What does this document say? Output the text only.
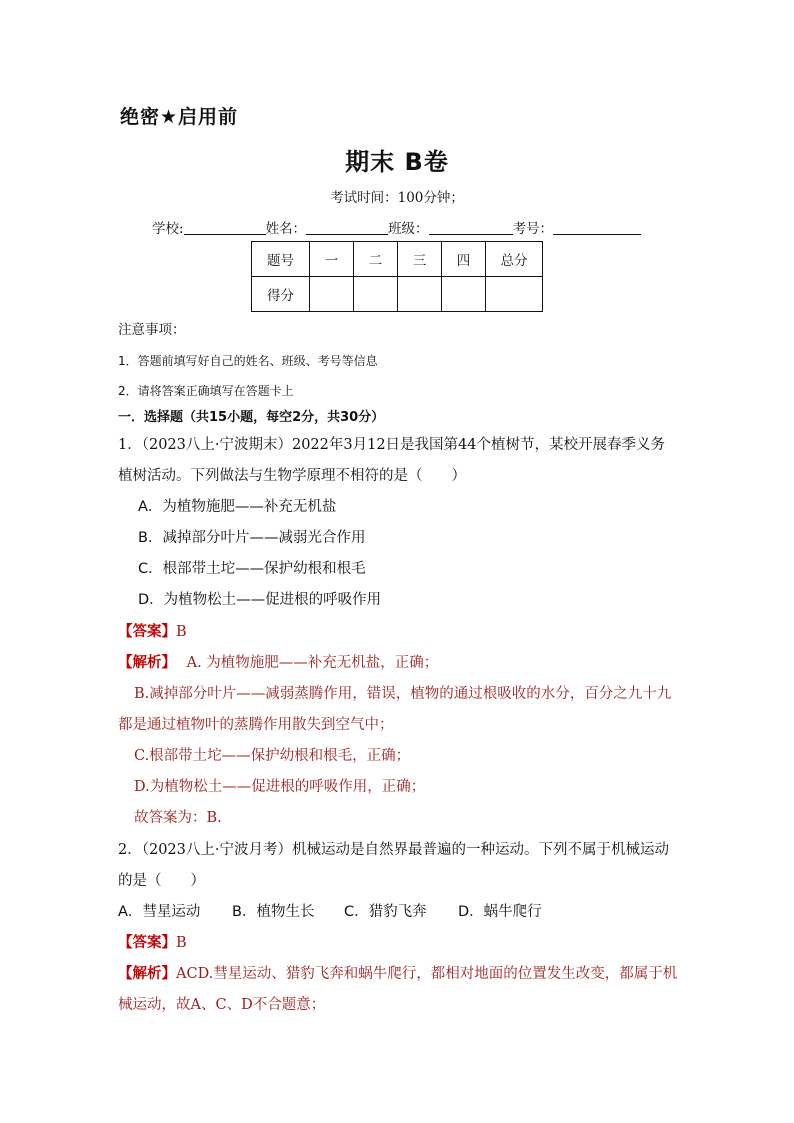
绝密★启用前
期末 B卷
考试时间：100分钟；
学校:	姓名：	班级：	考号：
题号	一	二	三	四	总分
得分					
注意事项：
1．答题前填写好自己的姓名、班级、考号等信息
2．请将答案正确填写在答题卡上
一．选择题（共15小题，每空2分，共30分）
1．（2023八上·宁波期末）2022年3月12日是我国第44个植树节，某校开展春季义务
植树活动。下列做法与生物学原理不相符的是（　　）
A．为植物施肥——补充无机盐
B．减掉部分叶片——减弱光合作用
C．根部带土坨——保护幼根和根毛
D．为植物松土——促进根的呼吸作用
【答案】B
【解析】 A. 为植物施肥——补充无机盐，正确；
B.减掉部分叶片——减弱蒸腾作用，错误，植物的通过根吸收的水分，百分之九十九
都是通过植物叶的蒸腾作用散失到空气中；
C.根部带土坨——保护幼根和根毛，正确；
D.为植物松土——促进根的呼吸作用，正确；
故答案为：B.
2．（2023八上·宁波月考）机械运动是自然界最普遍的一种运动。下列不属于机械运动
的是（　　）
A．彗星运动 B．植物生长 C．猎豹飞奔 D．蜗牛爬行
【答案】B
【解析】ACD.彗星运动、猎豹飞奔和蜗牛爬行，都相对地面的位置发生改变，都属于机
械运动，故A、C、D不合题意；
